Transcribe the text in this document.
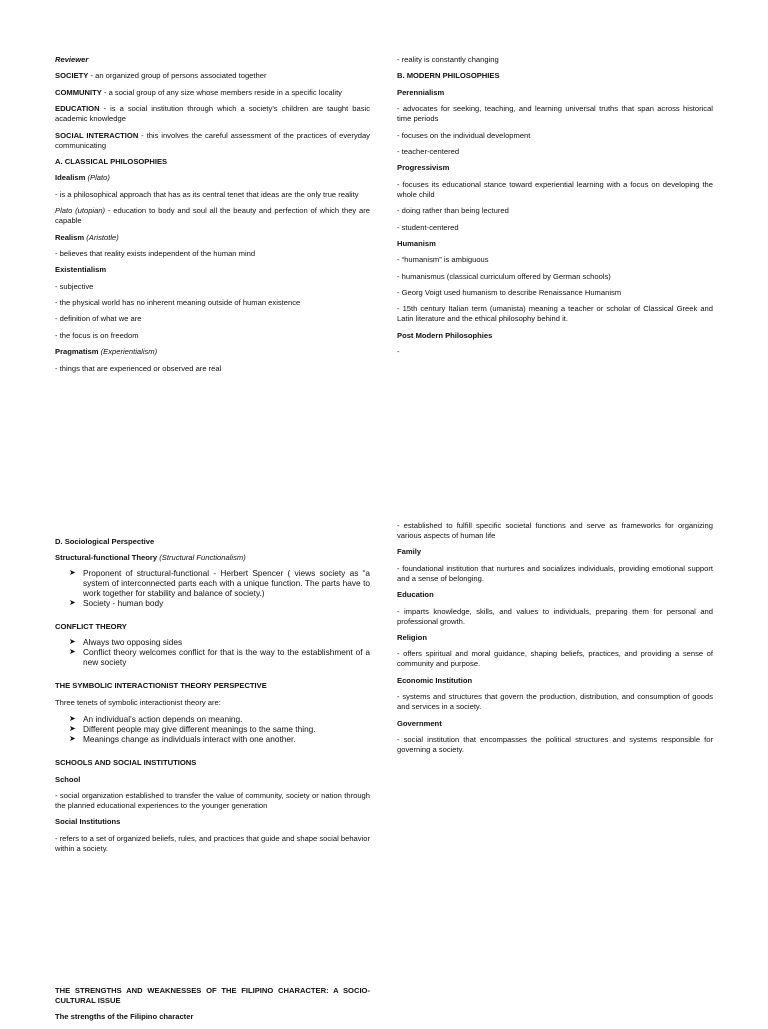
Reviewer

SOCIETY - an organized group of persons associated together

COMMUNITY - a social group of any size whose members reside in a specific locality

EDUCATION - is a social institution through which a society's children are taught basic academic knowledge

SOCIAL INTERACTION - this involves the careful assessment of the practices of everyday communicating

A. CLASSICAL PHILOSOPHIES

Idealism (Plato)

- is a philosophical approach that has as its central tenet that ideas are the only true reality

Plato (utopian) - education to body and soul all the beauty and perfection of which they are capable

Realism (Aristotle)

- believes that reality exists independent of the human mind

Existentialism

- subjective

- the physical world has no inherent meaning outside of human existence

- definition of what we are

- the focus is on freedom

Pragmatism (Experientialism)

- things that are experienced or observed are real

- reality is constantly changing

B. MODERN PHILOSOPHIES

Perennialism

- advocates for seeking, teaching, and learning universal truths that span across historical time periods

- focuses on the individual development

- teacher-centered

Progressivism

- focuses its educational stance toward experiential learning with a focus on developing the whole child

- doing rather than being lectured

- student-centered

Humanism

- “humanism” is ambiguous

- humanismus (classical curriculum offered by German schools)

- Georg Voigt used humanism to describe Renaissance Humanism

- 15th century Italian term (umanista) meaning a teacher or scholar of Classical Greek and Latin literature and the ethical philosophy behind it.

Post Modern Philosophies

-

D. Sociological Perspective

Structural-functional Theory (Structural Functionalism)

➤ Proponent of structural-functional - Herbert Spencer ( views society as “a system of interconnected parts each with a unique function. The parts have to work together for stability and balance of society.)
➤ Society - human body

CONFLICT THEORY

➤ Always two opposing sides
➤ Conflict theory welcomes conflict for that is the way to the establishment of a new society

THE SYMBOLIC INTERACTIONIST THEORY PERSPECTIVE

Three tenets of symbolic interactionist theory are:

➤ An individual’s action depends on meaning.
➤ Different people may give different meanings to the same thing.
➤ Meanings change as individuals interact with one another.

SCHOOLS AND SOCIAL INSTITUTIONS

School

- social organization established to transfer the value of community, society or nation through the planned educational experiences to the younger generation

Social Institutions

- refers to a set of organized beliefs, rules, and practices that guide and shape social behavior within a society.

THE STRENGTHS AND WEAKNESSES OF THE FILIPINO CHARACTER: A SOCIO-CULTURAL ISSUE

The strengths of the Filipino character

- established to fulfill specific societal functions and serve as frameworks for organizing various aspects of human life

Family

- foundational institution that nurtures and socializes individuals, providing emotional support and a sense of belonging.

Education

- imparts knowledge, skills, and values to individuals, preparing them for personal and professional growth.

Religion

- offers spiritual and moral guidance, shaping beliefs, practices, and providing a sense of community and purpose.

Economic Institution

- systems and structures that govern the production, distribution, and consumption of goods and services in a society.

Government

- social institution that encompasses the political structures and systems responsible for governing a society.
